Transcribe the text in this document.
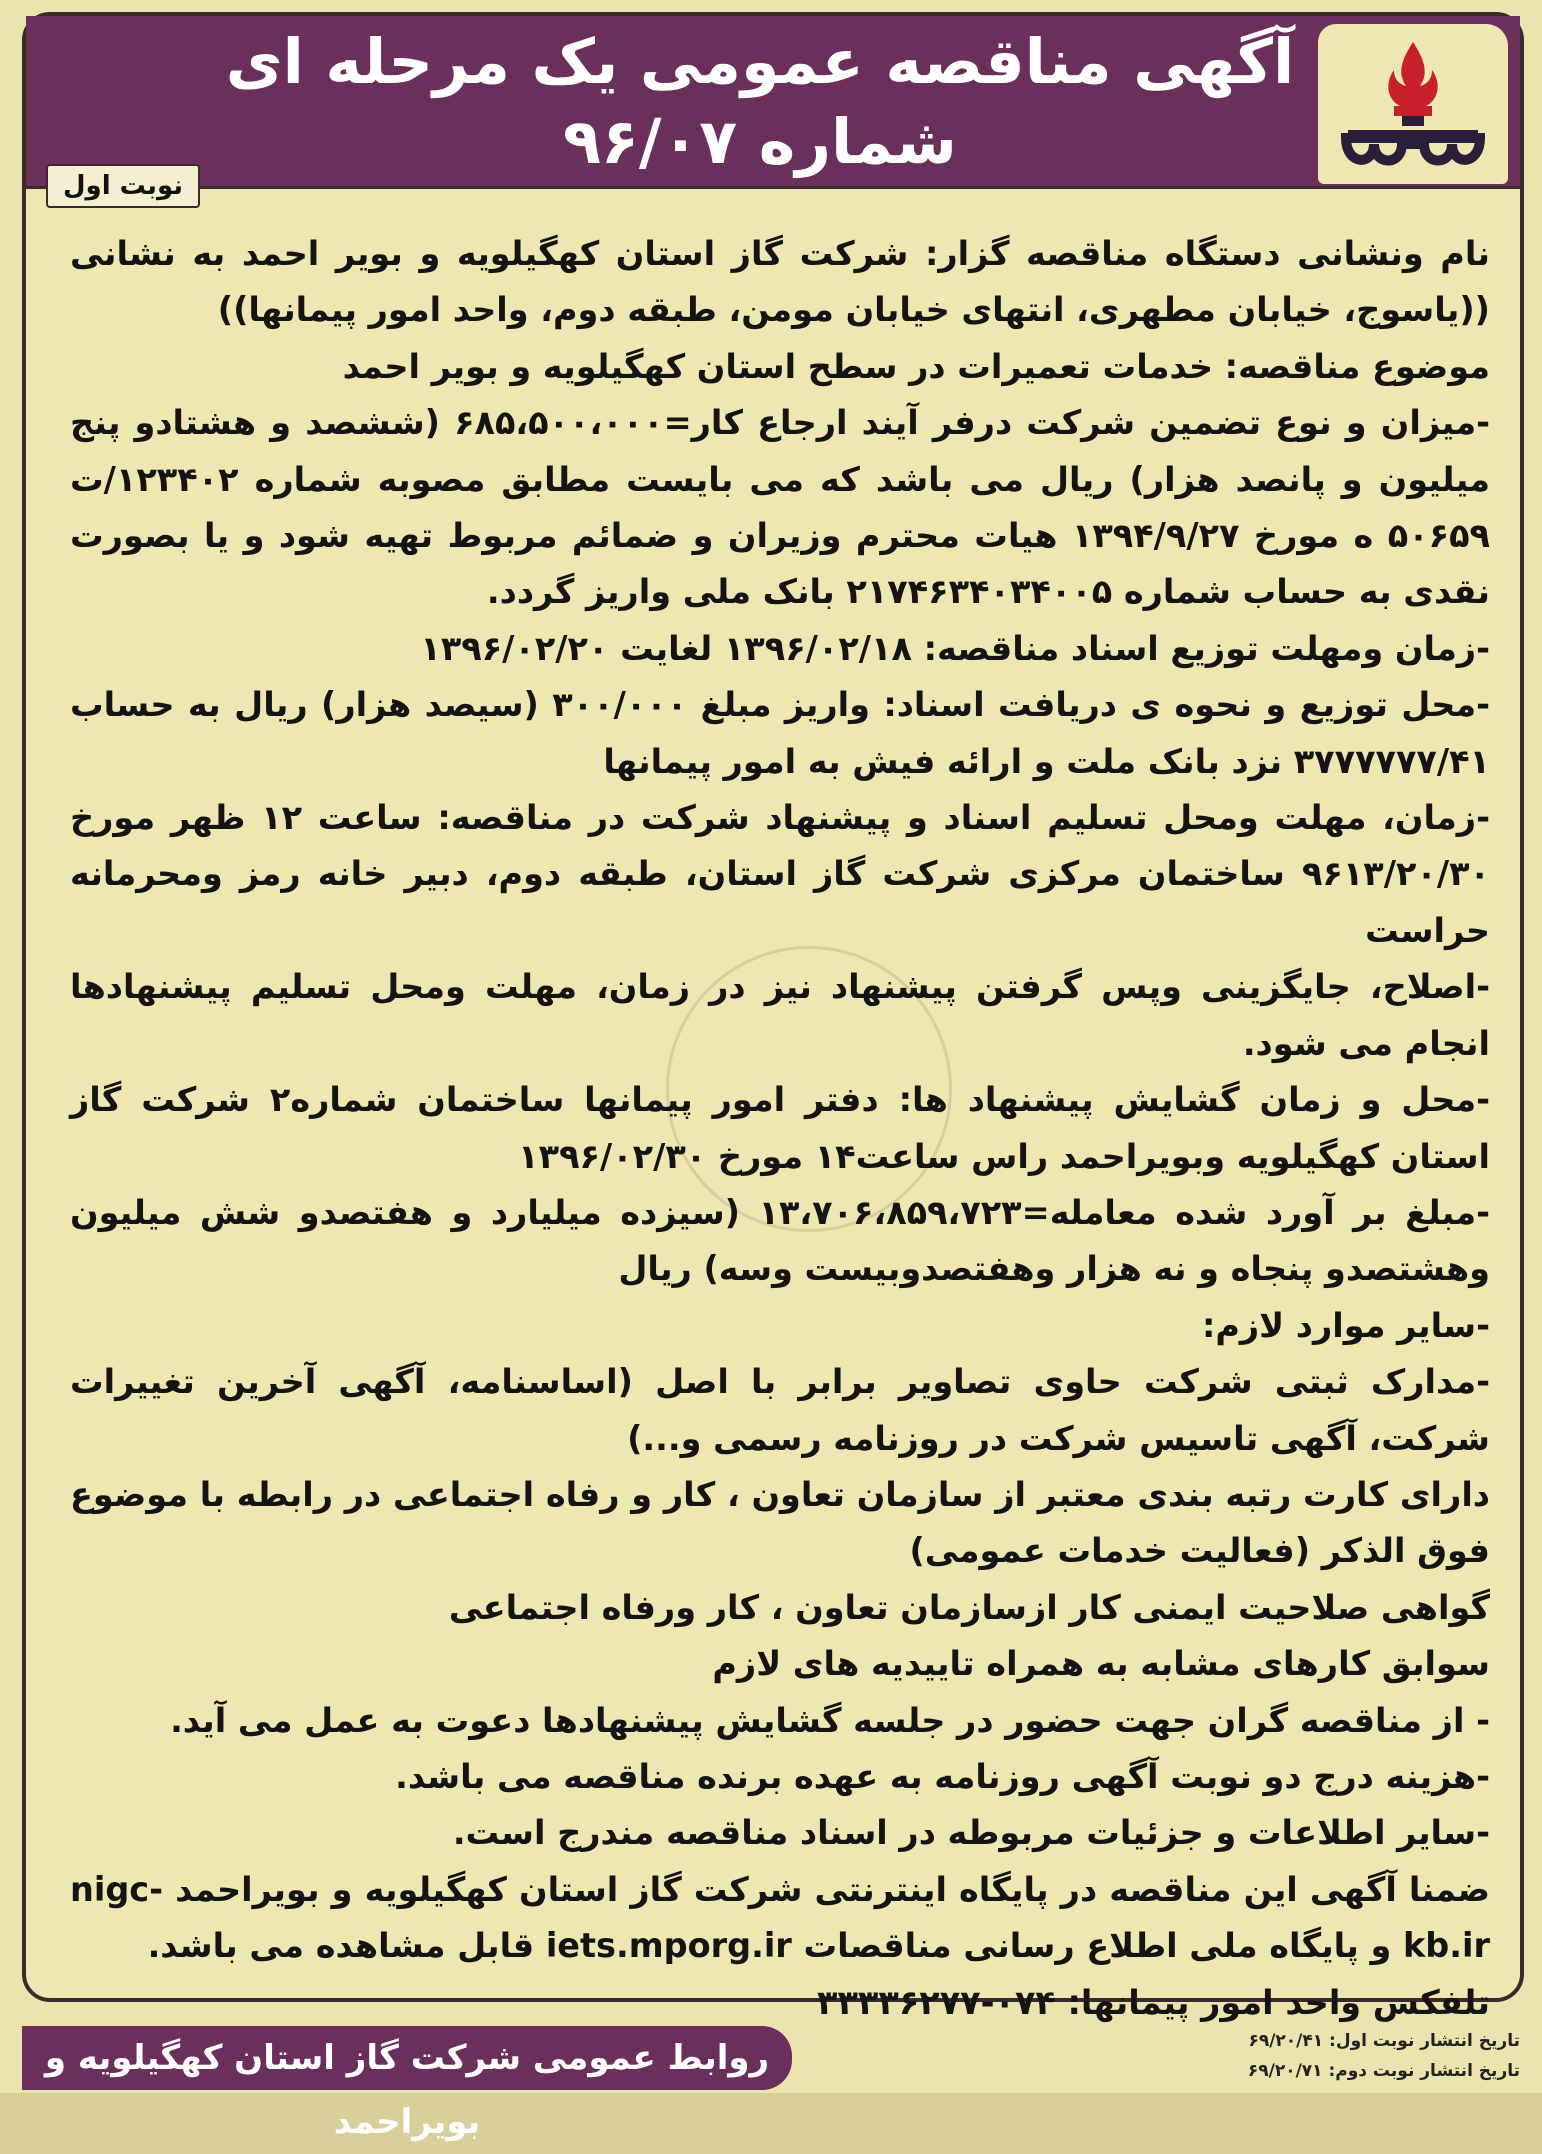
آگهی مناقصه عمومی یک مرحله ای
شماره ۹۶/۰۷
نوبت اول

نام ونشانی دستگاه مناقصه گزار: شرکت گاز استان کهگیلویه و بویر احمد به نشانی ((یاسوج، خیابان مطهری، انتهای خیابان مومن، طبقه دوم، واحد امور پیمانها))

موضوع مناقصه: خدمات تعمیرات در سطح استان کهگیلویه و بویر احمد

-میزان و نوع تضمین شرکت درفر آیند ارجاع کار=۶۸۵،۵۰۰،۰۰۰ (ششصد و هشتادو پنج میلیون و پانصد هزار) ریال می باشد که می بایست مطابق مصوبه شماره ۱۲۳۴۰۲/ت ۵۰۶۵۹ ه مورخ ۱۳۹۴/۹/۲۷ هیات محترم وزیران و ضمائم مربوط تهیه شود و یا بصورت نقدی به حساب شماره ۲۱۷۴۶۳۴۰۳۴۰۰۵ بانک ملی واریز گردد.

-زمان ومهلت توزیع اسناد مناقصه: ۱۳۹۶/۰۲/۱۸ لغایت ۱۳۹۶/۰۲/۲۰

-محل توزیع و نحوه ی دریافت اسناد: واریز مبلغ ۳۰۰/۰۰۰ (سیصد هزار) ریال به حساب ۳۷۷۷۷۷۷/۴۱ نزد بانک ملت و ارائه فیش به امور پیمانها

-زمان، مهلت ومحل تسلیم اسناد و پیشنهاد شرکت در مناقصه: ساعت ۱۲ ظهر مورخ ۹۶۱۳/۲۰/۳۰ ساختمان مرکزی شرکت گاز استان، طبقه دوم، دبیر خانه رمز ومحرمانه حراست

-اصلاح، جایگزینی وپس گرفتن پیشنهاد نیز در زمان، مهلت ومحل تسلیم پیشنهادها انجام می شود.

-محل و زمان گشایش پیشنهاد ها: دفتر امور پیمانها ساختمان شماره۲ شرکت گاز استان کهگیلویه وبویراحمد راس ساعت۱۴ مورخ ۱۳۹۶/۰۲/۳۰

-مبلغ بر آورد شده معامله=۱۳،۷۰۶،۸۵۹،۷۲۳ (سیزده میلیارد و هفتصدو شش میلیون وهشتصدو پنجاه و نه هزار وهفتصدوبیست وسه) ریال

-سایر موارد لازم:

-مدارک ثبتی شرکت حاوی تصاویر برابر با اصل (اساسنامه، آگهی آخرین تغییرات شرکت، آگهی تاسیس شرکت در روزنامه رسمی و...)

دارای کارت رتبه بندی معتبر از سازمان تعاون ، کار و رفاه اجتماعی در رابطه با موضوع فوق الذکر (فعالیت خدمات عمومی)

گواهی صلاحیت ایمنی کار ازسازمان تعاون ، کار ورفاه اجتماعی

سوابق کارهای مشابه به همراه تاییدیه های لازم

- از مناقصه گران جهت حضور در جلسه گشایش پیشنهادها دعوت به عمل می آید.

-هزینه درج دو نوبت آگهی روزنامه به عهده برنده مناقصه می باشد.

-سایر اطلاعات و جزئیات مربوطه در اسناد مناقصه مندرج است.

ضمنا آگهی این مناقصه در پایگاه اینترنتی شرکت گاز استان کهگیلویه و بویراحمد nigc-kb.ir و پایگاه ملی اطلاع رسانی مناقصات iets.mporg.ir قابل مشاهده می باشد.

تلفکس واحد امور پیمانها: ۰۷۴-۳۳۳۳۶۲۷۷

روابط عمومی شرکت گاز استان کهگیلویه و بویراحمد
تاریخ انتشار نوبت اول: ۶۹/۲۰/۴۱
تاریخ انتشار نوبت دوم: ۶۹/۲۰/۷۱
